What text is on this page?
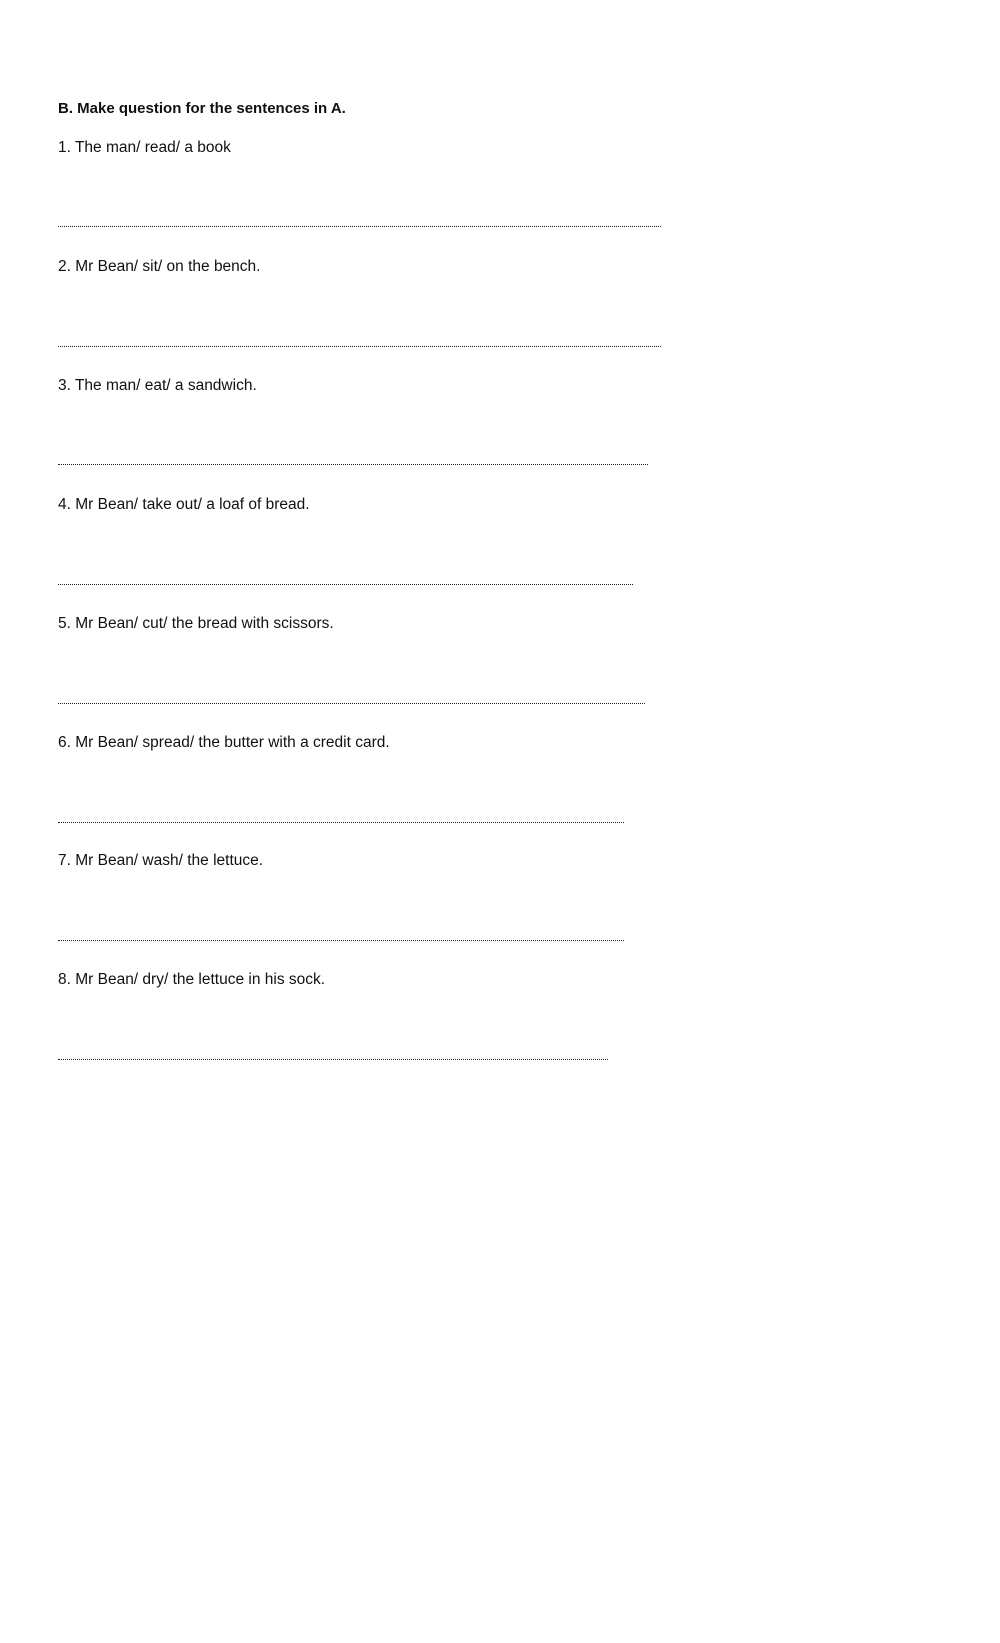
B. Make question for the sentences in A.

1. The man/ read/ a book

2. Mr Bean/ sit/ on the bench.

3. The man/ eat/ a sandwich.

4. Mr Bean/ take out/ a loaf of bread.

5. Mr Bean/ cut/ the bread with scissors.

6. Mr Bean/ spread/ the butter with a credit card.

7. Mr Bean/ wash/ the lettuce.

8. Mr Bean/ dry/ the lettuce in his sock.
